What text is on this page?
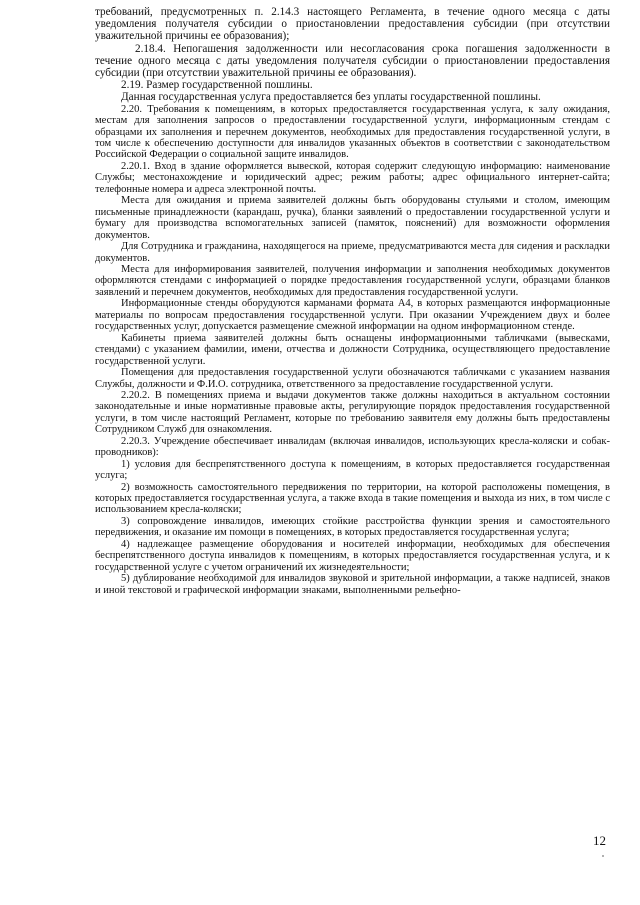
требований, предусмотренных п. 2.14.3 настоящего Регламента, в течение одного месяца с даты уведомления получателя субсидии о приостановлении предоставления субсидии (при отсутствии уважительной причины ее образования);

2.18.4. Непогашения задолженности или несогласования срока погашения задолженности в течение одного месяца с даты уведомления получателя субсидии о приостановлении предоставления субсидии (при отсутствии уважительной причины ее образования).

2.19. Размер государственной пошлины.

Данная государственная услуга предоставляется без уплаты государственной пошлины.

2.20. Требования к помещениям, в которых предоставляется государственная услуга, к залу ожидания, местам для заполнения запросов о предоставлении государственной услуги, информационным стендам с образцами их заполнения и перечнем документов, необходимых для предоставления государственной услуги, в том числе к обеспечению доступности для инвалидов указанных объектов в соответствии с законодательством Российской Федерации о социальной защите инвалидов.

2.20.1. Вход в здание оформляется вывеской, которая содержит следующую информацию: наименование Службы; местонахождение и юридический адрес; режим работы; адрес официального интернет-сайта; телефонные номера и адреса электронной почты.

Места для ожидания и приема заявителей должны быть оборудованы стульями и столом, имеющим письменные принадлежности (карандаш, ручка), бланки заявлений о предоставлении государственной услуги и бумагу для производства вспомогательных записей (памяток, пояснений) для возможности оформления документов.

Для Сотрудника и гражданина, находящегося на приеме, предусматриваются места для сидения и раскладки документов.

Места для информирования заявителей, получения информации и заполнения необходимых документов оформляются стендами с информацией о порядке предоставления государственной услуги, образцами бланков заявлений и перечнем документов, необходимых для предоставления государственной услуги.

Информационные стенды оборудуются карманами формата А4, в которых размещаются информационные материалы по вопросам предоставления государственной услуги. При оказании Учреждением двух и более государственных услуг, допускается размещение смежной информации на одном информационном стенде.

Кабинеты приема заявителей должны быть оснащены информационными табличками (вывесками, стендами) с указанием фамилии, имени, отчества и должности Сотрудника, осуществляющего предоставление государственной услуги.

Помещения для предоставления государственной услуги обозначаются табличками с указанием названия Службы, должности и Ф.И.О. сотрудника, ответственного за предоставление государственной услуги.

2.20.2. В помещениях приема и выдачи документов также должны находиться в актуальном состоянии законодательные и иные нормативные правовые акты, регулирующие порядок предоставления государственной услуги, в том числе настоящий Регламент, которые по требованию заявителя ему должны быть предоставлены Сотрудником Служб для ознакомления.

2.20.3. Учреждение обеспечивает инвалидам (включая инвалидов, использующих кресла-коляски и собак-проводников):

1) условия для беспрепятственного доступа к помещениям, в которых предоставляется государственная услуга;

2) возможность самостоятельного передвижения по территории, на которой расположены помещения, в которых предоставляется государственная услуга, а также входа в такие помещения и выхода из них, в том числе с использованием кресла-коляски;

3) сопровождение инвалидов, имеющих стойкие расстройства функции зрения и самостоятельного передвижения, и оказание им помощи в помещениях, в которых предоставляется государственная услуга;

4) надлежащее размещение оборудования и носителей информации, необходимых для обеспечения беспрепятственного доступа инвалидов к помещениям, в которых предоставляется государственная услуга, и к государственной услуге с учетом ограничений их жизнедеятельности;

5) дублирование необходимой для инвалидов звуковой и зрительной информации, а также надписей, знаков и иной текстовой и графической информации знаками, выполненными рельефно-

12
